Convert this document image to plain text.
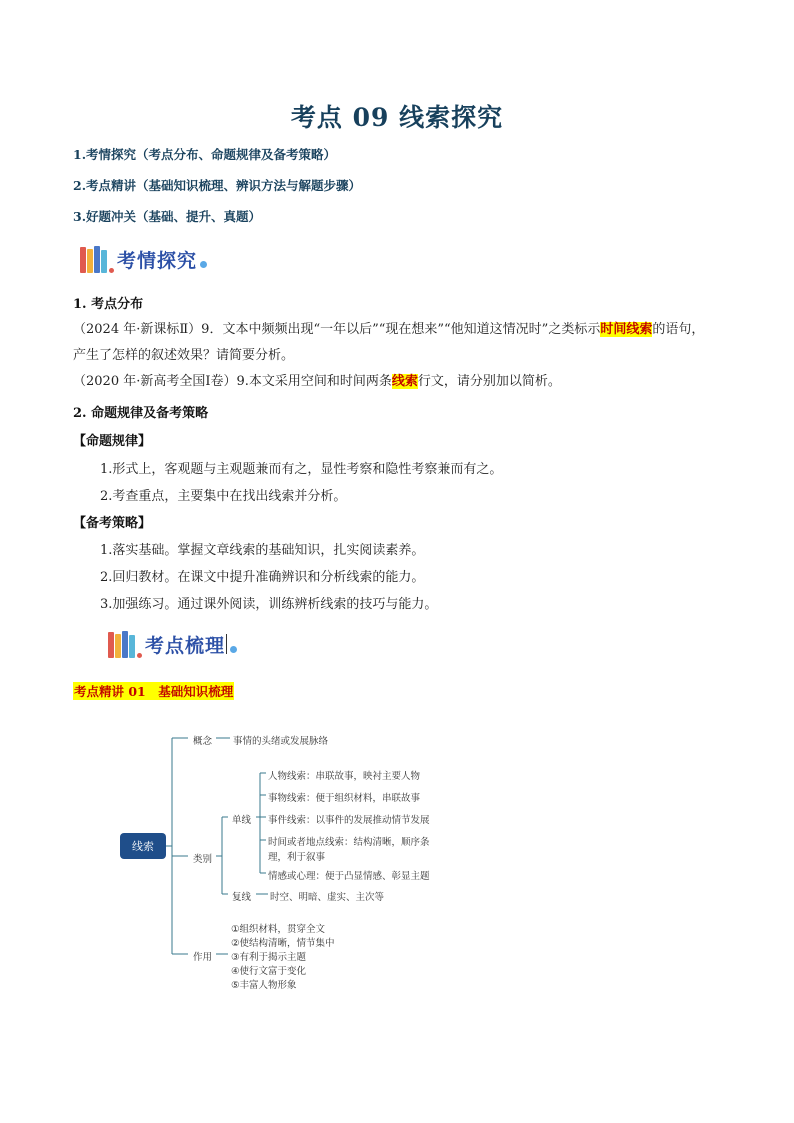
考点 09 线索探究
1.考情探究（考点分布、命题规律及备考策略）
2.考点精讲（基础知识梳理、辨识方法与解题步骤）
3.好题冲关（基础、提升、真题）
考情探究
1. 考点分布
（2024 年·新课标Ⅱ）9．文本中频频出现“一年以后”“现在想来”“他知道这情况时”之类标示时间线索的语句，
产生了怎样的叙述效果？请简要分析。
（2020 年·新高考全国Ⅰ卷）9.本文采用空间和时间两条线索行文，请分别加以简析。
2. 命题规律及备考策略
【命题规律】
1.形式上，客观题与主观题兼而有之，显性考察和隐性考察兼而有之。
2.考查重点，主要集中在找出线索并分析。
【备考策略】
1.落实基础。掌握文章线索的基础知识，扎实阅读素养。
2.回归教材。在课文中提升准确辨识和分析线索的能力。
3.加强练习。通过课外阅读，训练辨析线索的技巧与能力。
考点梳理
考点精讲 01　基础知识梳理
线索
概念 事情的头绪或发展脉络
类别
单线
人物线索：串联故事，映衬主要人物
事物线索：便于组织材料，串联故事
事件线索：以事件的发展推动情节发展
时间或者地点线索：结构清晰，顺序条
理，利于叙事
情感或心理：便于凸显情感、彰显主题
复线 时空、明暗、虚实、主次等
作用
①组织材料，贯穿全文
②使结构清晰，情节集中
③有利于揭示主题
④使行文富于变化
⑤丰富人物形象
